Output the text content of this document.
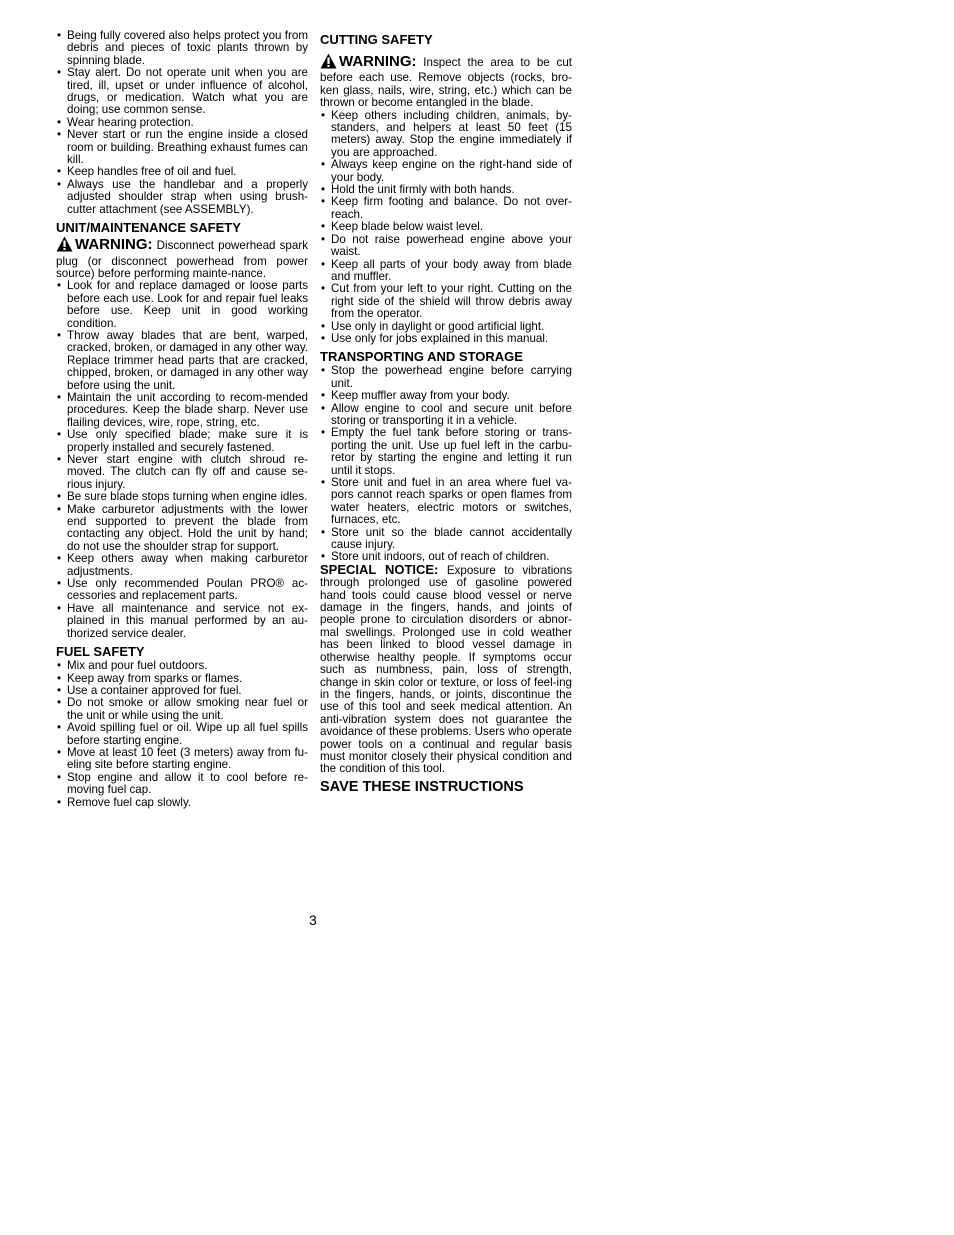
• Being fully covered also helps protect you from debris and pieces of toxic plants thrown by spinning blade.
• Stay alert. Do not operate unit when you are tired, ill, upset or under influence of alcohol, drugs, or medication. Watch what you are doing; use common sense.
• Wear hearing protection.
• Never start or run the engine inside a closed room or building. Breathing exhaust fumes can kill.
• Keep handles free of oil and fuel.
• Always use the handlebar and a properly adjusted shoulder strap when using brush-cutter attachment (see ASSEMBLY).
UNIT/MAINTENANCE SAFETY
WARNING: Disconnect powerhead spark plug (or disconnect powerhead from power source) before performing mainte-nance.
• Look for and replace damaged or loose parts before each use. Look for and repair fuel leaks before use. Keep unit in good working condition.
• Throw away blades that are bent, warped, cracked, broken, or damaged in any other way. Replace trimmer head parts that are cracked, chipped, broken, or damaged in any other way before using the unit.
• Maintain the unit according to recom-mended procedures. Keep the blade sharp. Never use flailing devices, wire, rope, string, etc.
• Use only specified blade; make sure it is properly installed and securely fastened.
• Never start engine with clutch shroud re-moved. The clutch can fly off and cause se-rious injury.
• Be sure blade stops turning when engine idles.
• Make carburetor adjustments with the lower end supported to prevent the blade from contacting any object. Hold the unit by hand; do not use the shoulder strap for support.
• Keep others away when making carburetor adjustments.
• Use only recommended Poulan PRO® ac-cessories and replacement parts.
• Have all maintenance and service not ex-plained in this manual performed by an au-thorized service dealer.
FUEL SAFETY
• Mix and pour fuel outdoors.
• Keep away from sparks or flames.
• Use a container approved for fuel.
• Do not smoke or allow smoking near fuel or the unit or while using the unit.
• Avoid spilling fuel or oil. Wipe up all fuel spills before starting engine.
• Move at least 10 feet (3 meters) away from fu-eling site before starting engine.
• Stop engine and allow it to cool before re-moving fuel cap.
• Remove fuel cap slowly.
CUTTING SAFETY
WARNING: Inspect the area to be cut before each use. Remove objects (rocks, bro-ken glass, nails, wire, string, etc.) which can be thrown or become entangled in the blade.
• Keep others including children, animals, by-standers, and helpers at least 50 feet (15 meters) away. Stop the engine immediately if you are approached.
• Always keep engine on the right-hand side of your body.
• Hold the unit firmly with both hands.
• Keep firm footing and balance. Do not over-reach.
• Keep blade below waist level.
• Do not raise powerhead engine above your waist.
• Keep all parts of your body away from blade and muffler.
• Cut from your left to your right. Cutting on the right side of the shield will throw debris away from the operator.
• Use only in daylight or good artificial light.
• Use only for jobs explained in this manual.
TRANSPORTING AND STORAGE
• Stop the powerhead engine before carrying unit.
• Keep muffler away from your body.
• Allow engine to cool and secure unit before storing or transporting it in a vehicle.
• Empty the fuel tank before storing or trans-porting the unit. Use up fuel left in the carbu-retor by starting the engine and letting it run until it stops.
• Store unit and fuel in an area where fuel va-pors cannot reach sparks or open flames from water heaters, electric motors or switches, furnaces, etc.
• Store unit so the blade cannot accidentally cause injury.
• Store unit indoors, out of reach of children.
SPECIAL NOTICE: Exposure to vibrations through prolonged use of gasoline powered hand tools could cause blood vessel or nerve damage in the fingers, hands, and joints of people prone to circulation disorders or abnor-mal swellings. Prolonged use in cold weather has been linked to blood vessel damage in otherwise healthy people. If symptoms occur such as numbness, pain, loss of strength, change in skin color or texture, or loss of feel-ing in the fingers, hands, or joints, discontinue the use of this tool and seek medical attention. An anti-vibration system does not guarantee the avoidance of these problems. Users who operate power tools on a continual and regular basis must monitor closely their physical condition and the condition of this tool.
SAVE THESE INSTRUCTIONS
3
